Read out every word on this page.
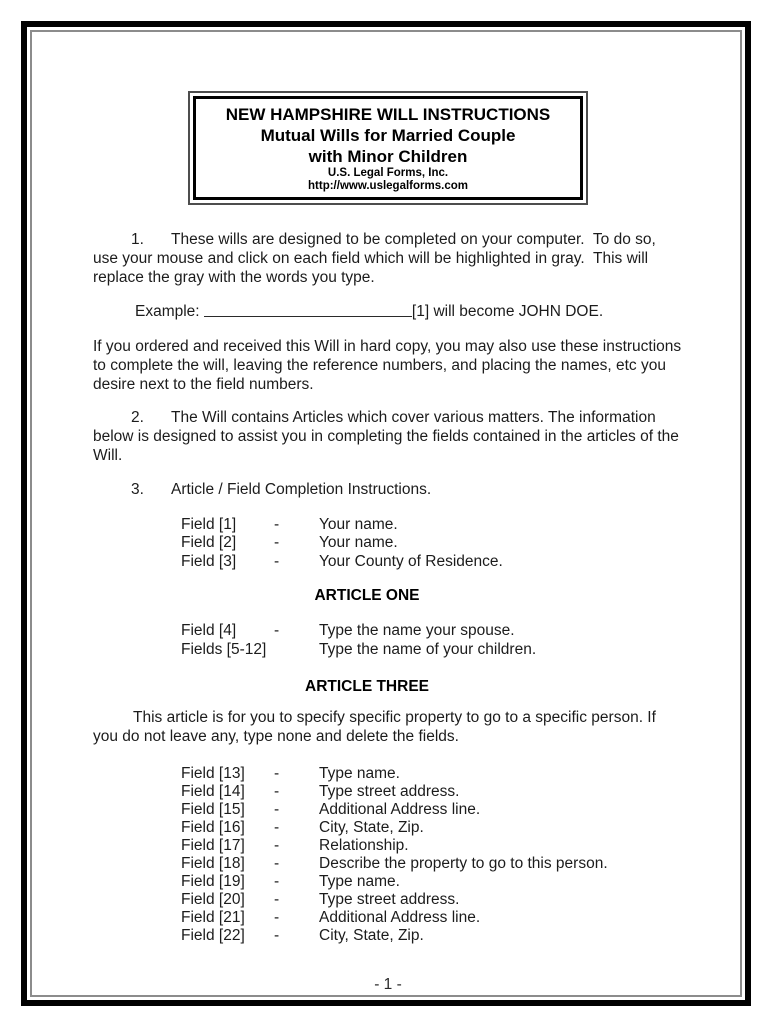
NEW HAMPSHIRE WILL INSTRUCTIONS
Mutual Wills for Married Couple
with Minor Children
U.S. Legal Forms, Inc.
http://www.uslegalforms.com

1. These wills are designed to be completed on your computer.  To do so, use your mouse and click on each field which will be highlighted in gray.  This will replace the gray with the words you type.

Example:	[1] will become JOHN DOE.

If you ordered and received this Will in hard copy, you may also use these instructions to complete the will, leaving the reference numbers, and placing the names, etc you desire next to the field numbers.

2. The Will contains Articles which cover various matters. The information below is designed to assist you in completing the fields contained in the articles of the Will.

3. Article / Field Completion Instructions.

Field [1]	-	Your name.
Field [2]	-	Your name.
Field [3]	-	Your County of Residence.

ARTICLE ONE

Field [4]	-	Type the name your spouse.
Fields [5-12]	Type the name of your children.

ARTICLE THREE

This article is for you to specify specific property to go to a specific person. If you do not leave any, type none and delete the fields.

Field [13]	-	Type name.
Field [14]	-	Type street address.
Field [15]	-	Additional Address line.
Field [16]	-	City, State, Zip.
Field [17]	-	Relationship.
Field [18]	-	Describe the property to go to this person.
Field [19]	-	Type name.
Field [20]	-	Type street address.
Field [21]	-	Additional Address line.
Field [22]	-	City, State, Zip.

- 1 -
